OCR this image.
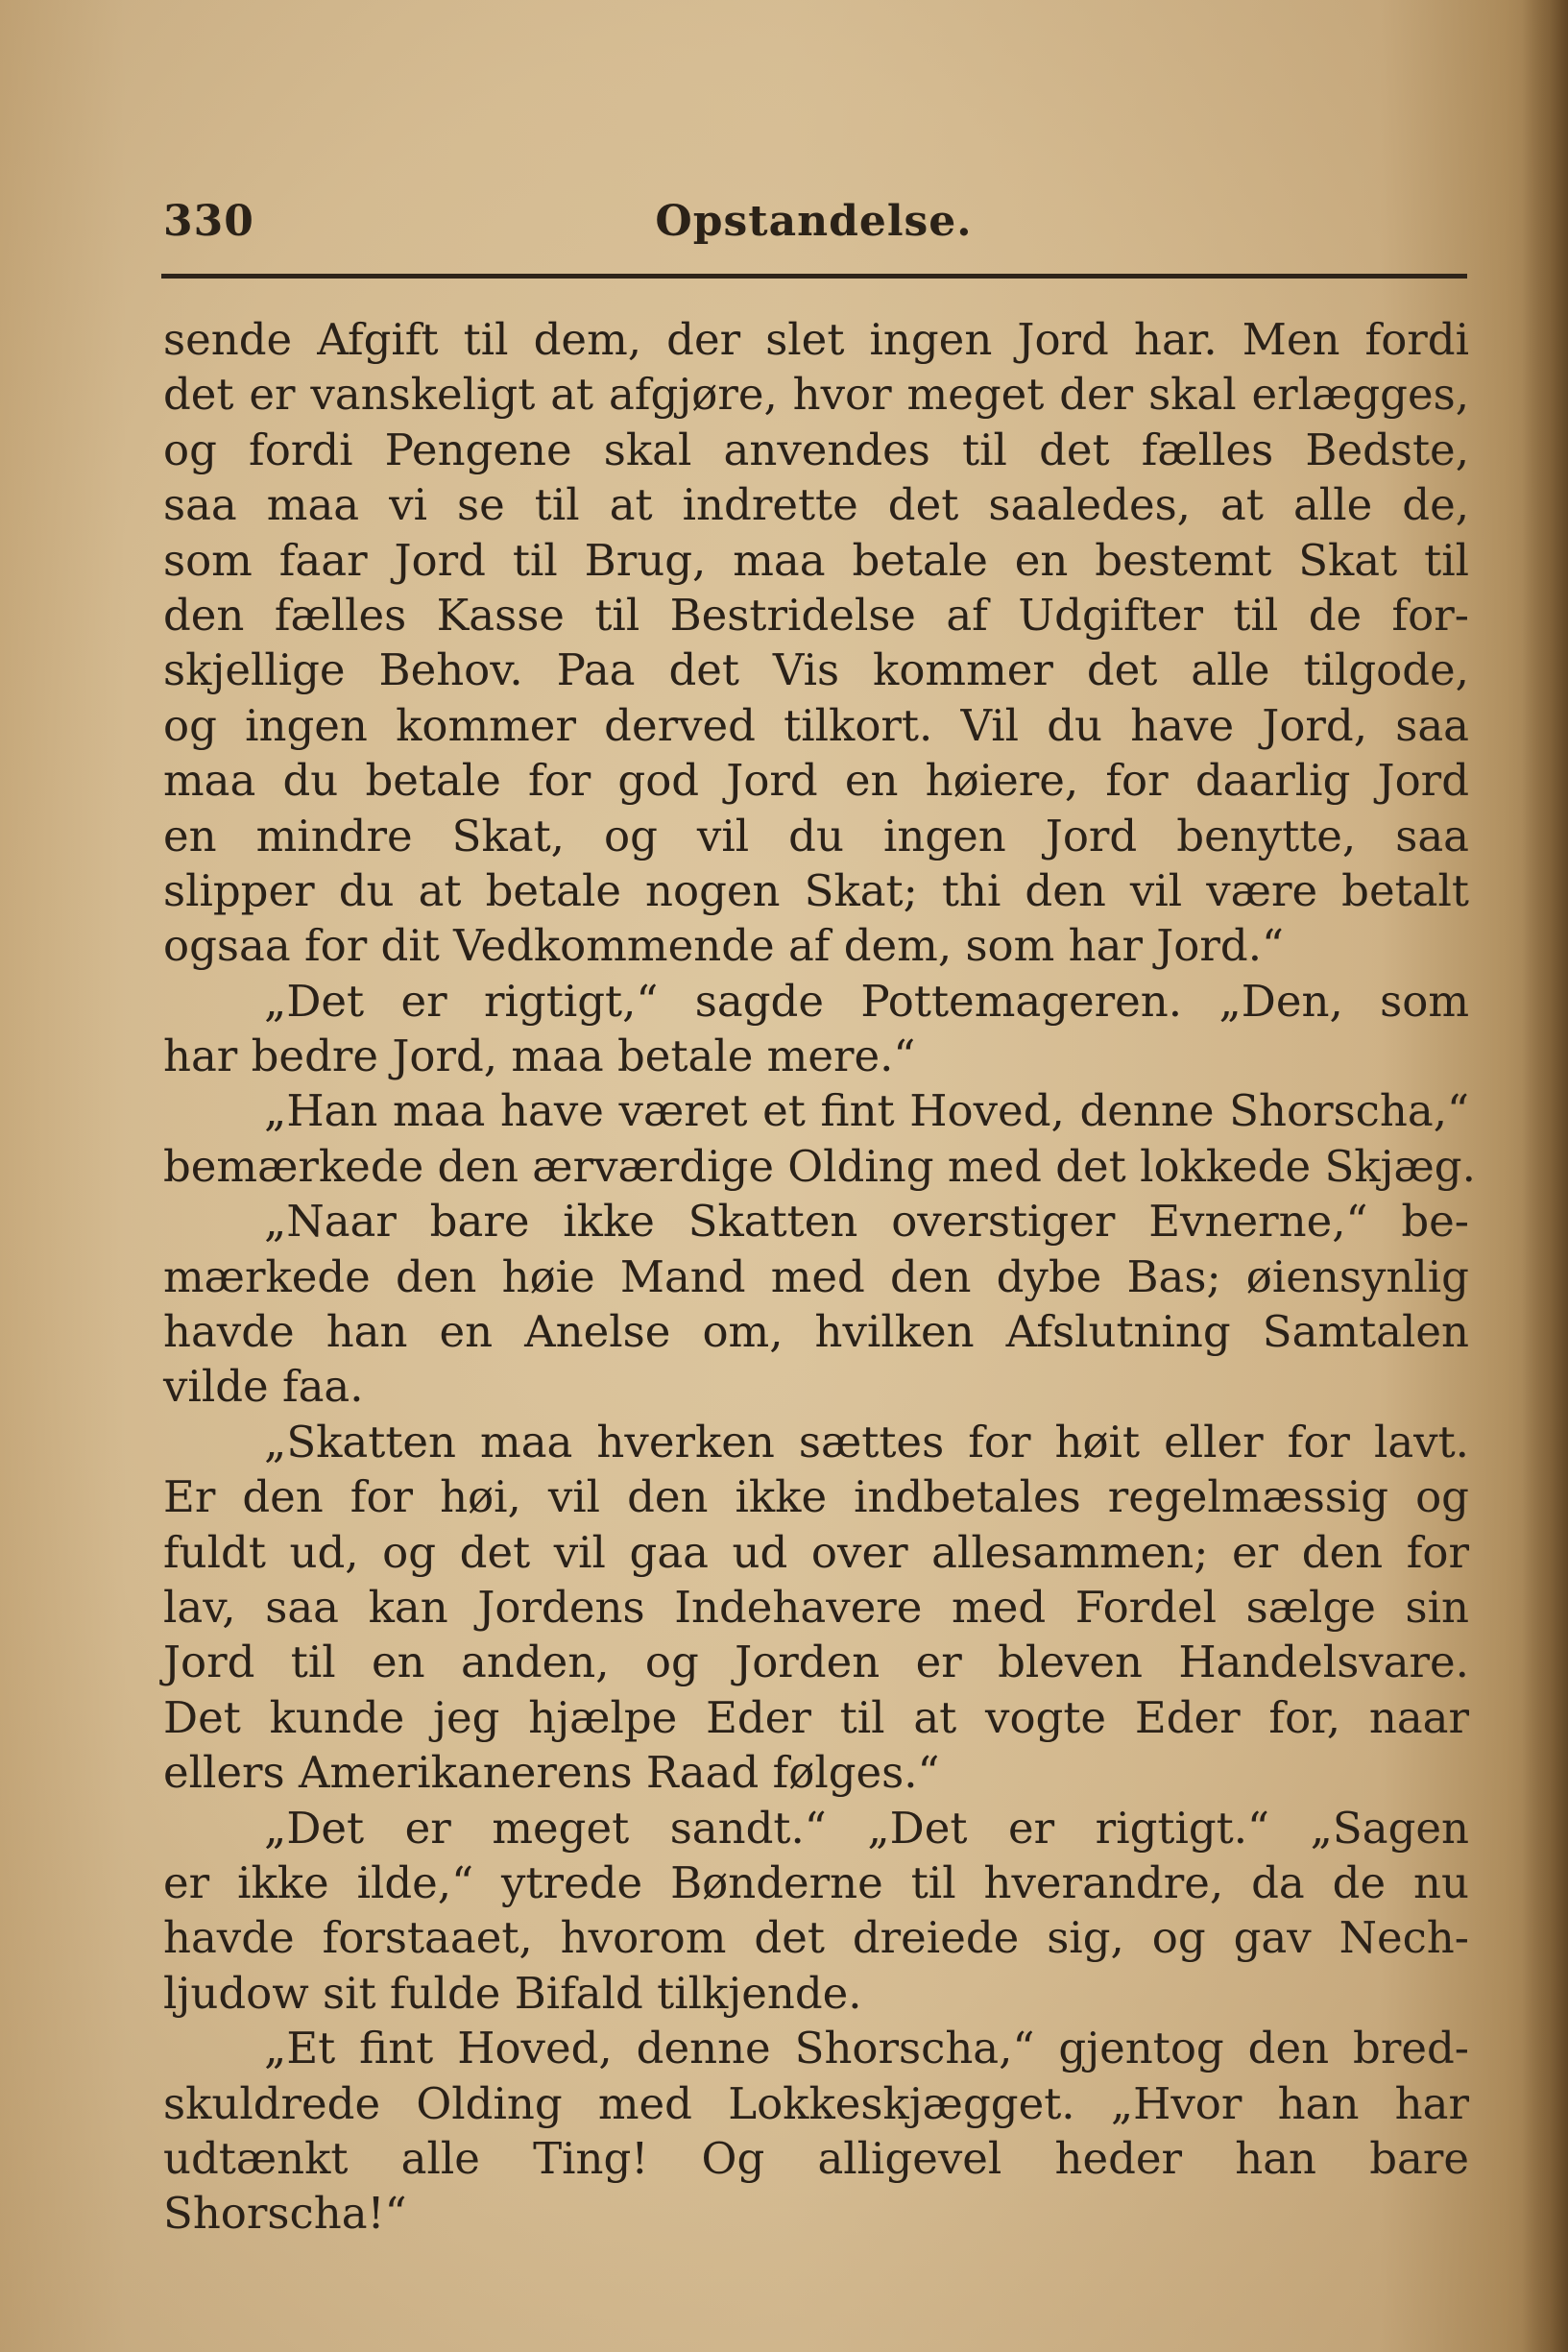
330	Opstandelse.
sende Afgift til dem, der slet ingen Jord har. Men fordi
det er vanskeligt at afgjøre, hvor meget der skal erlægges,
og fordi Pengene skal anvendes til det fælles Bedste,
saa maa vi se til at indrette det saaledes, at alle de,
som faar Jord til Brug, maa betale en bestemt Skat til
den fælles Kasse til Bestridelse af Udgifter til de for-
skjellige Behov. Paa det Vis kommer det alle tilgode,
og ingen kommer derved tilkort. Vil du have Jord, saa
maa du betale for god Jord en høiere, for daarlig Jord
en mindre Skat, og vil du ingen Jord benytte, saa
slipper du at betale nogen Skat; thi den vil være betalt
ogsaa for dit Vedkommende af dem, som har Jord.“
„Det er rigtigt,“ sagde Pottemageren. „Den, som
har bedre Jord, maa betale mere.“
„Han maa have været et fint Hoved, denne Shorscha,“
bemærkede den ærværdige Olding med det lokkede Skjæg.
„Naar bare ikke Skatten overstiger Evnerne,“ be-
mærkede den høie Mand med den dybe Bas; øiensynlig
havde han en Anelse om, hvilken Afslutning Samtalen
vilde faa.
„Skatten maa hverken sættes for høit eller for lavt.
Er den for høi, vil den ikke indbetales regelmæssig og
fuldt ud, og det vil gaa ud over allesammen; er den for
lav, saa kan Jordens Indehavere med Fordel sælge sin
Jord til en anden, og Jorden er bleven Handelsvare.
Det kunde jeg hjælpe Eder til at vogte Eder for, naar
ellers Amerikanerens Raad følges.“
„Det er meget sandt.“ „Det er rigtigt.“ „Sagen
er ikke ilde,“ ytrede Bønderne til hverandre, da de nu
havde forstaaet, hvorom det dreiede sig, og gav Nech-
ljudow sit fulde Bifald tilkjende.
„Et fint Hoved, denne Shorscha,“ gjentog den bred-
skuldrede Olding med Lokkeskjægget. „Hvor han har
udtænkt alle Ting! Og alligevel heder han bare
Shorscha!“
